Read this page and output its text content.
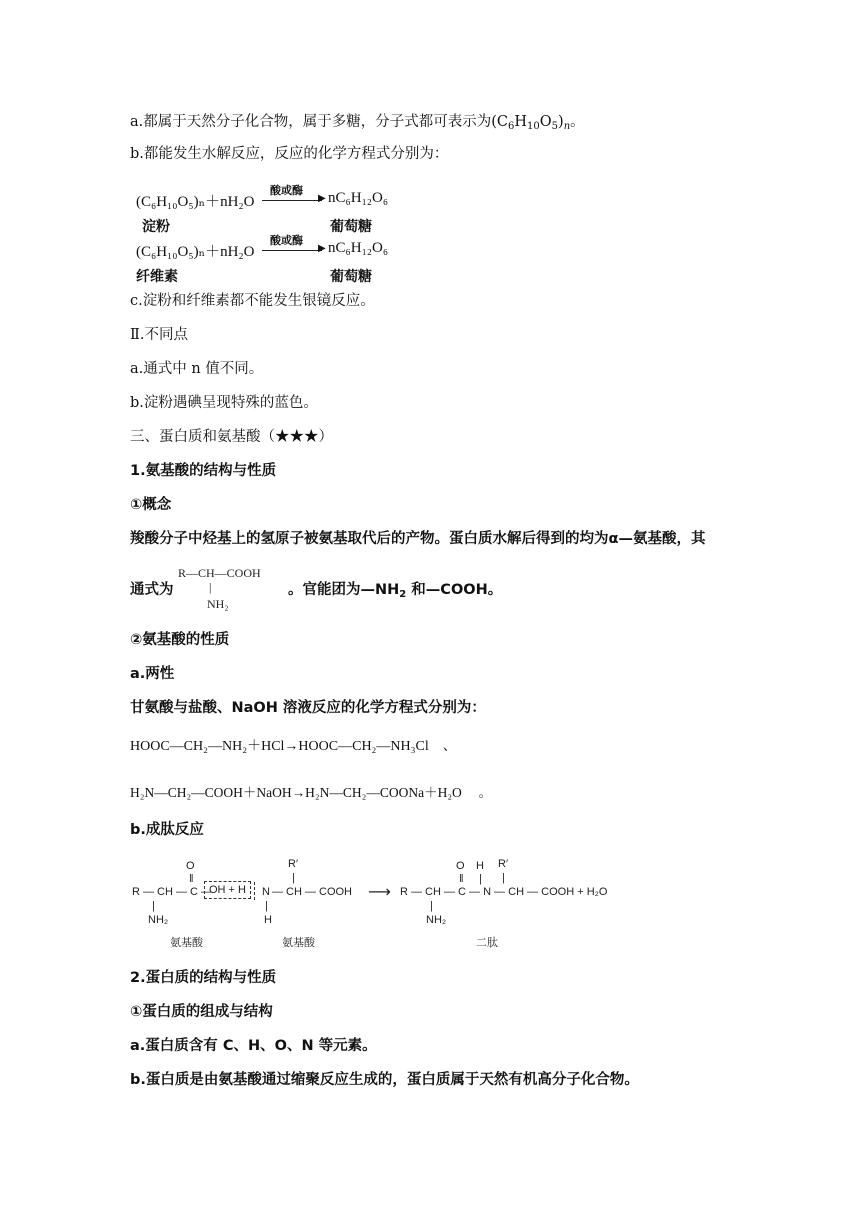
a.都属于天然分子化合物，属于多糖，分子式都可表示为$(C_6H_{10}O_5)_n$。
b.都能发生水解反应，反应的化学方程式分别为：
(C₆H₁₀O₅)ₙ＋nH₂O
酸或酶
▶ nC₆H₁₂O₆
淀粉	葡萄糖
(C₆H₁₀O₅)ₙ＋nH₂O
酸或酶
▶ nC₆H₁₂O₆
纤维素	葡萄糖
c.淀粉和纤维素都不能发生银镜反应。
Ⅱ.不同点
a.通式中 n 值不同。
b.淀粉遇碘呈现特殊的蓝色。
三、蛋白质和氨基酸（★★★）
1.氨基酸的结构与性质
①概念
羧酸分子中烃基上的氢原子被氨基取代后的产物。蛋白质水解后得到的均为α—氨基酸，其
通式为
R—CH—COOH
|
NH₂
。官能团为$—NH_2$ 和—COOH。
②氨基酸的性质
a.两性
甘氨酸与盐酸、NaOH 溶液反应的化学方程式分别为：
HOOC—CH₂—NH₂＋HCl→HOOC—CH₂—NH₃Cl　、
H₂N—CH₂—COOH＋NaOH→H₂N—CH₂—COONa＋H₂O　 。
b.成肽反应
O
‖
R′
|
R — CH — C —
OH + H	N — CH — COOH
|
NH₂
|
H
⟶
O
‖
H
|
R′
|
R — CH — C — N — CH — COOH + H₂O
|
NH₂
氨基酸	氨基酸	二肽
2.蛋白质的结构与性质
①蛋白质的组成与结构
a.蛋白质含有 C、H、O、N 等元素。
b.蛋白质是由氨基酸通过缩聚反应生成的，蛋白质属于天然有机高分子化合物。
